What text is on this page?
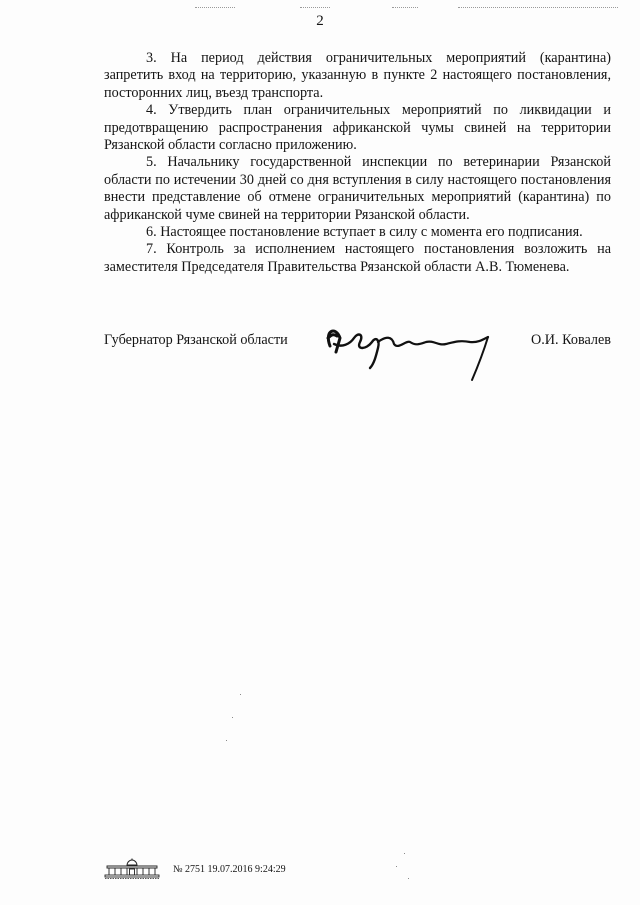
2

3. На период действия ограничительных мероприятий (карантина) запретить вход на территорию, указанную в пункте 2 настоящего постановления, посторонних лиц, въезд транспорта.

4. Утвердить план ограничительных мероприятий по ликвидации и предотвращению распространения африканской чумы свиней на территории Рязанской области согласно приложению.

5. Начальнику государственной инспекции по ветеринарии Рязанской области по истечении 30 дней со дня вступления в силу настоящего постановления внести представление об отмене ограничительных мероприятий (карантина) по африканской чуме свиней на территории Рязанской области.

6. Настоящее постановление вступает в силу с момента его подписания.

7. Контроль за исполнением настоящего постановления возложить на заместителя Председателя Правительства Рязанской области А.В. Тюменева.

Губернатор Рязанской области	О.И. Ковалев
№ 2751 19.07.2016 9:24:29
